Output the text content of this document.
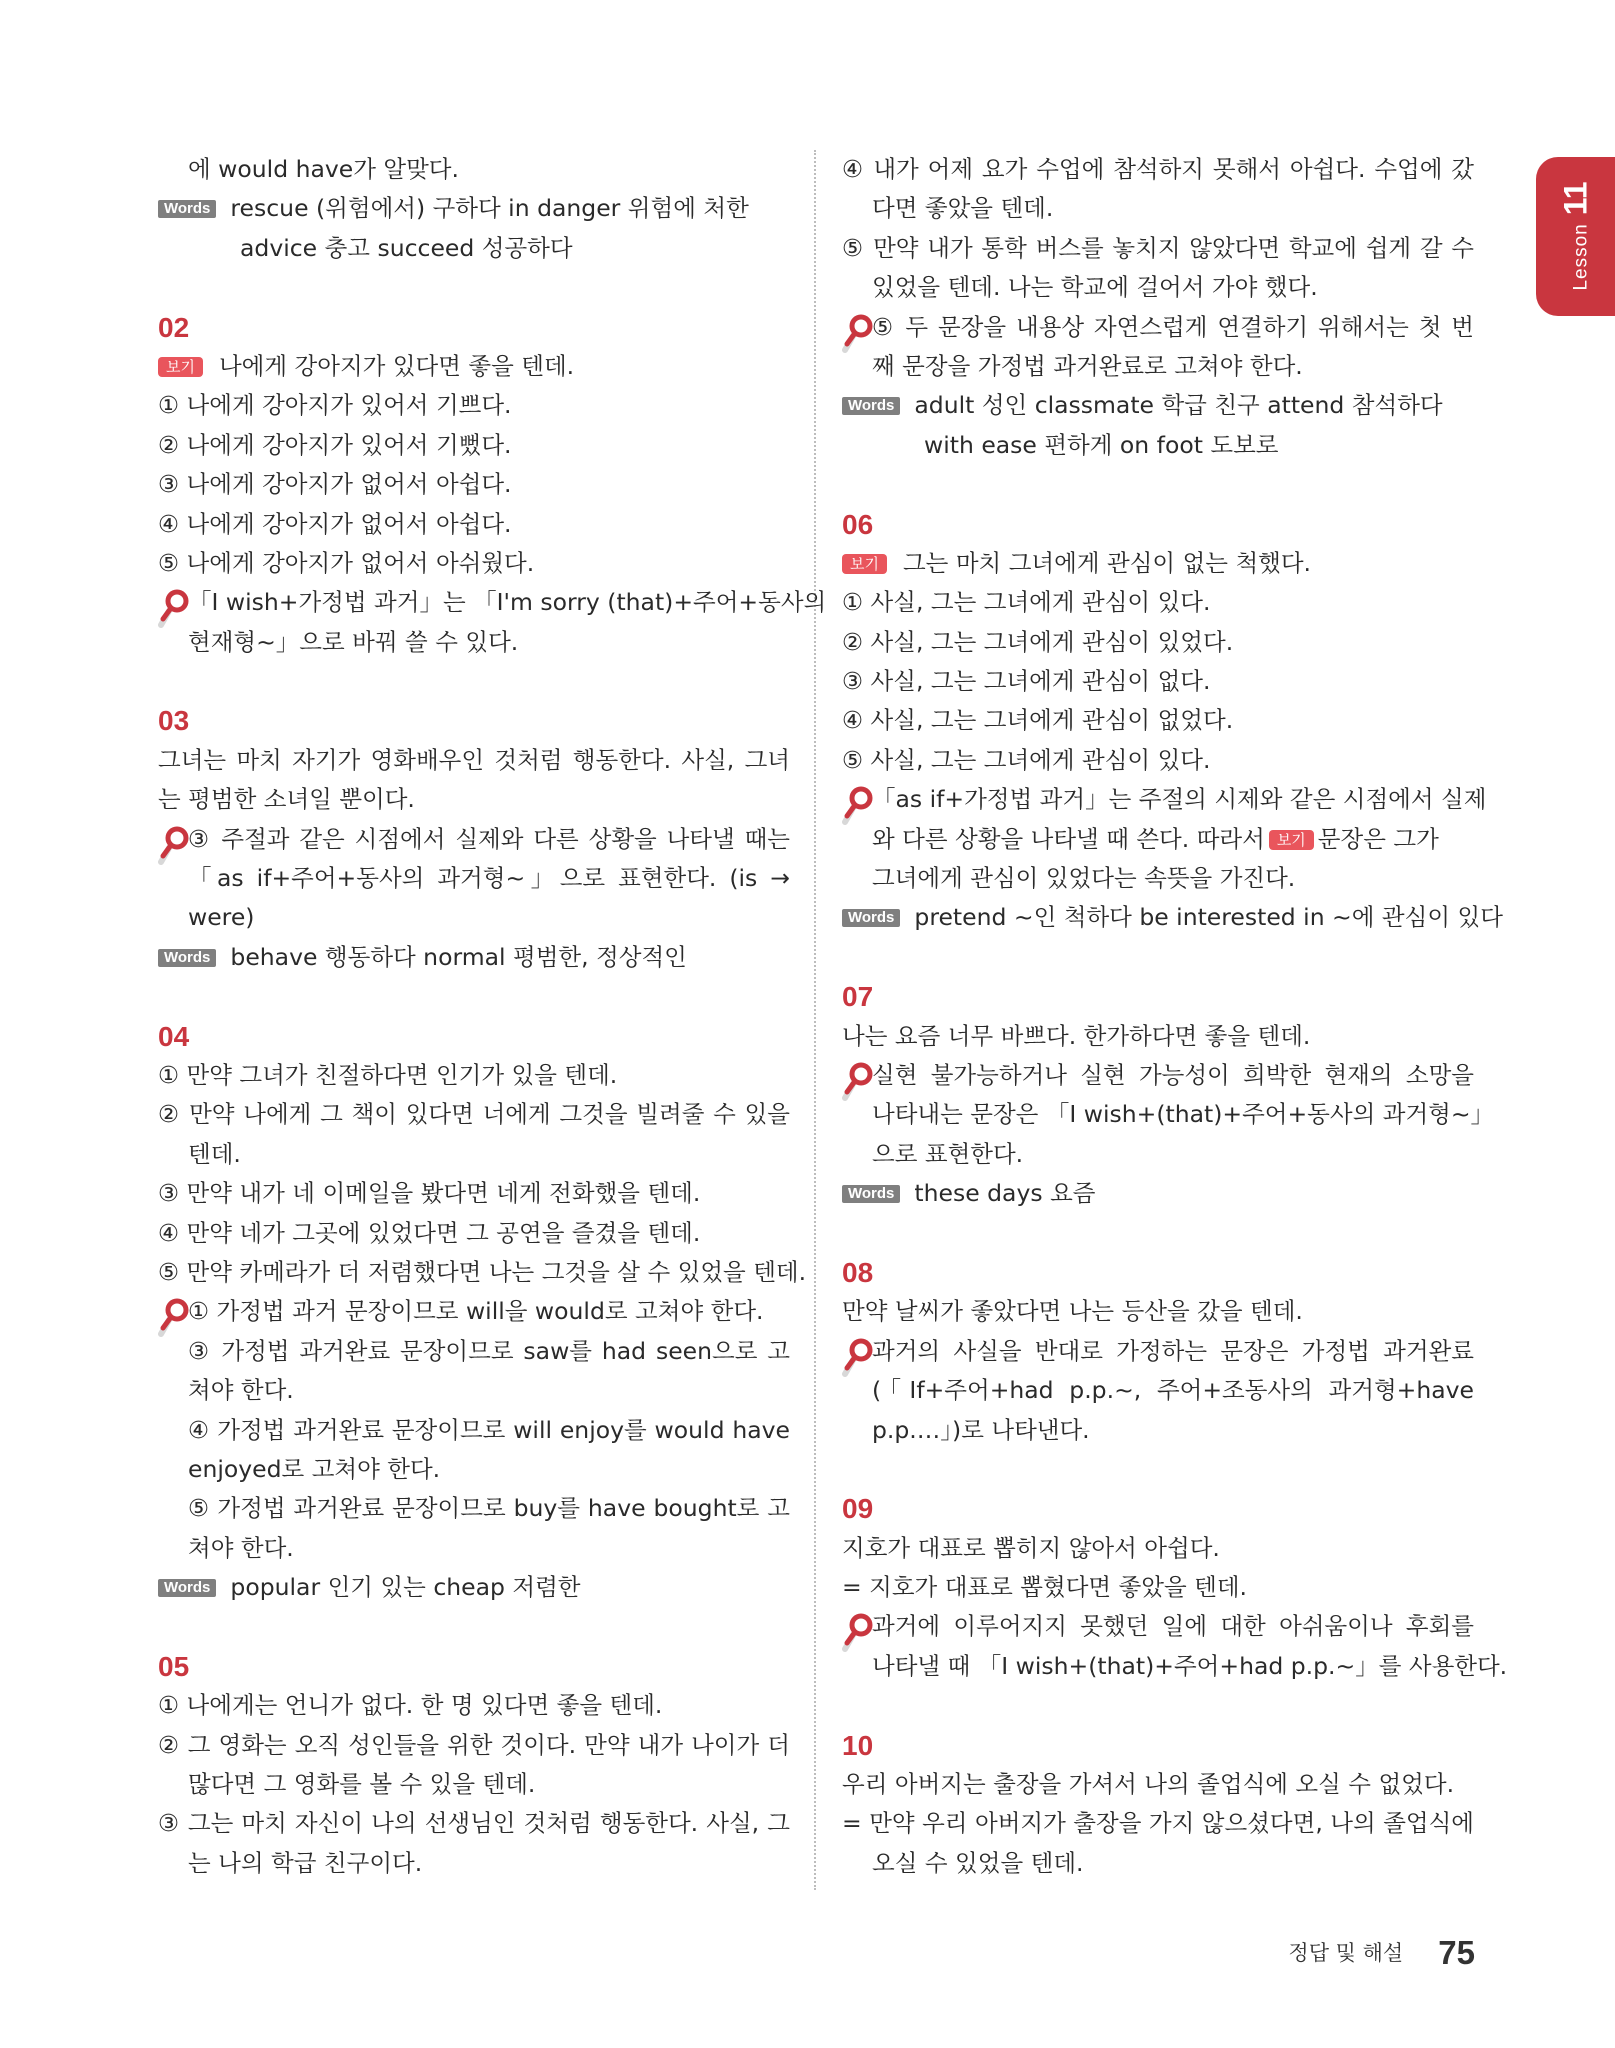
에 would have가 알맞다.
Words rescue (위험에서) 구하다 in danger 위험에 처한
advice 충고 succeed 성공하다
02
보기 나에게 강아지가 있다면 좋을 텐데.
① 나에게 강아지가 있어서 기쁘다.
② 나에게 강아지가 있어서 기뻤다.
③ 나에게 강아지가 없어서 아쉽다.
④ 나에게 강아지가 없어서 아쉽다.
⑤ 나에게 강아지가 없어서 아쉬웠다.
「I wish+가정법 과거」는 「I'm sorry (that)+주어+동사의
현재형~」으로 바꿔 쓸 수 있다.
03
그녀는 마치 자기가 영화배우인 것처럼 행동한다. 사실, 그녀
는 평범한 소녀일 뿐이다.
③ 주절과 같은 시점에서 실제와 다른 상황을 나타낼 때는
「as if+주어+동사의 과거형~」으로 표현한다. (is →
were)
Words behave 행동하다 normal 평범한, 정상적인
04
① 만약 그녀가 친절하다면 인기가 있을 텐데.
② 만약 나에게 그 책이 있다면 너에게 그것을 빌려줄 수 있을
텐데.
③ 만약 내가 네 이메일을 봤다면 네게 전화했을 텐데.
④ 만약 네가 그곳에 있었다면 그 공연을 즐겼을 텐데.
⑤ 만약 카메라가 더 저렴했다면 나는 그것을 살 수 있었을 텐데.
① 가정법 과거 문장이므로 will을 would로 고쳐야 한다.
③ 가정법 과거완료 문장이므로 saw를 had seen으로 고
쳐야 한다.
④ 가정법 과거완료 문장이므로 will enjoy를 would have
enjoyed로 고쳐야 한다.
⑤ 가정법 과거완료 문장이므로 buy를 have bought로 고
쳐야 한다.
Words popular 인기 있는 cheap 저렴한
05
① 나에게는 언니가 없다. 한 명 있다면 좋을 텐데.
② 그 영화는 오직 성인들을 위한 것이다. 만약 내가 나이가 더
많다면 그 영화를 볼 수 있을 텐데.
③ 그는 마치 자신이 나의 선생님인 것처럼 행동한다. 사실, 그
는 나의 학급 친구이다.
④ 내가 어제 요가 수업에 참석하지 못해서 아쉽다. 수업에 갔
다면 좋았을 텐데.
⑤ 만약 내가 통학 버스를 놓치지 않았다면 학교에 쉽게 갈 수
있었을 텐데. 나는 학교에 걸어서 가야 했다.
⑤ 두 문장을 내용상 자연스럽게 연결하기 위해서는 첫 번
째 문장을 가정법 과거완료로 고쳐야 한다.
Words adult 성인 classmate 학급 친구 attend 참석하다
with ease 편하게 on foot 도보로
06
보기 그는 마치 그녀에게 관심이 없는 척했다.
① 사실, 그는 그녀에게 관심이 있다.
② 사실, 그는 그녀에게 관심이 있었다.
③ 사실, 그는 그녀에게 관심이 없다.
④ 사실, 그는 그녀에게 관심이 없었다.
⑤ 사실, 그는 그녀에게 관심이 있다.
「as if+가정법 과거」는 주절의 시제와 같은 시점에서 실제
와 다른 상황을 나타낼 때 쓴다. 따라서 보기 문장은 그가
그녀에게 관심이 있었다는 속뜻을 가진다.
Words pretend ~인 척하다 be interested in ~에 관심이 있다
07
나는 요즘 너무 바쁘다. 한가하다면 좋을 텐데.
실현 불가능하거나 실현 가능성이 희박한 현재의 소망을
나타내는 문장은 「I wish+(that)+주어+동사의 과거형~」
으로 표현한다.
Words these days 요즘
08
만약 날씨가 좋았다면 나는 등산을 갔을 텐데.
과거의 사실을 반대로 가정하는 문장은 가정법 과거완료
(「If+주어+had p.p.~, 주어+조동사의 과거형+have
p.p.…」)로 나타낸다.
09
지호가 대표로 뽑히지 않아서 아쉽다.
= 지호가 대표로 뽑혔다면 좋았을 텐데.
과거에 이루어지지 못했던 일에 대한 아쉬움이나 후회를
나타낼 때 「I wish+(that)+주어+had p.p.~」를 사용한다.
10
우리 아버지는 출장을 가셔서 나의 졸업식에 오실 수 없었다.
= 만약 우리 아버지가 출장을 가지 않으셨다면, 나의 졸업식에
오실 수 있었을 텐데.
Lesson11
정답 및 해설 75
